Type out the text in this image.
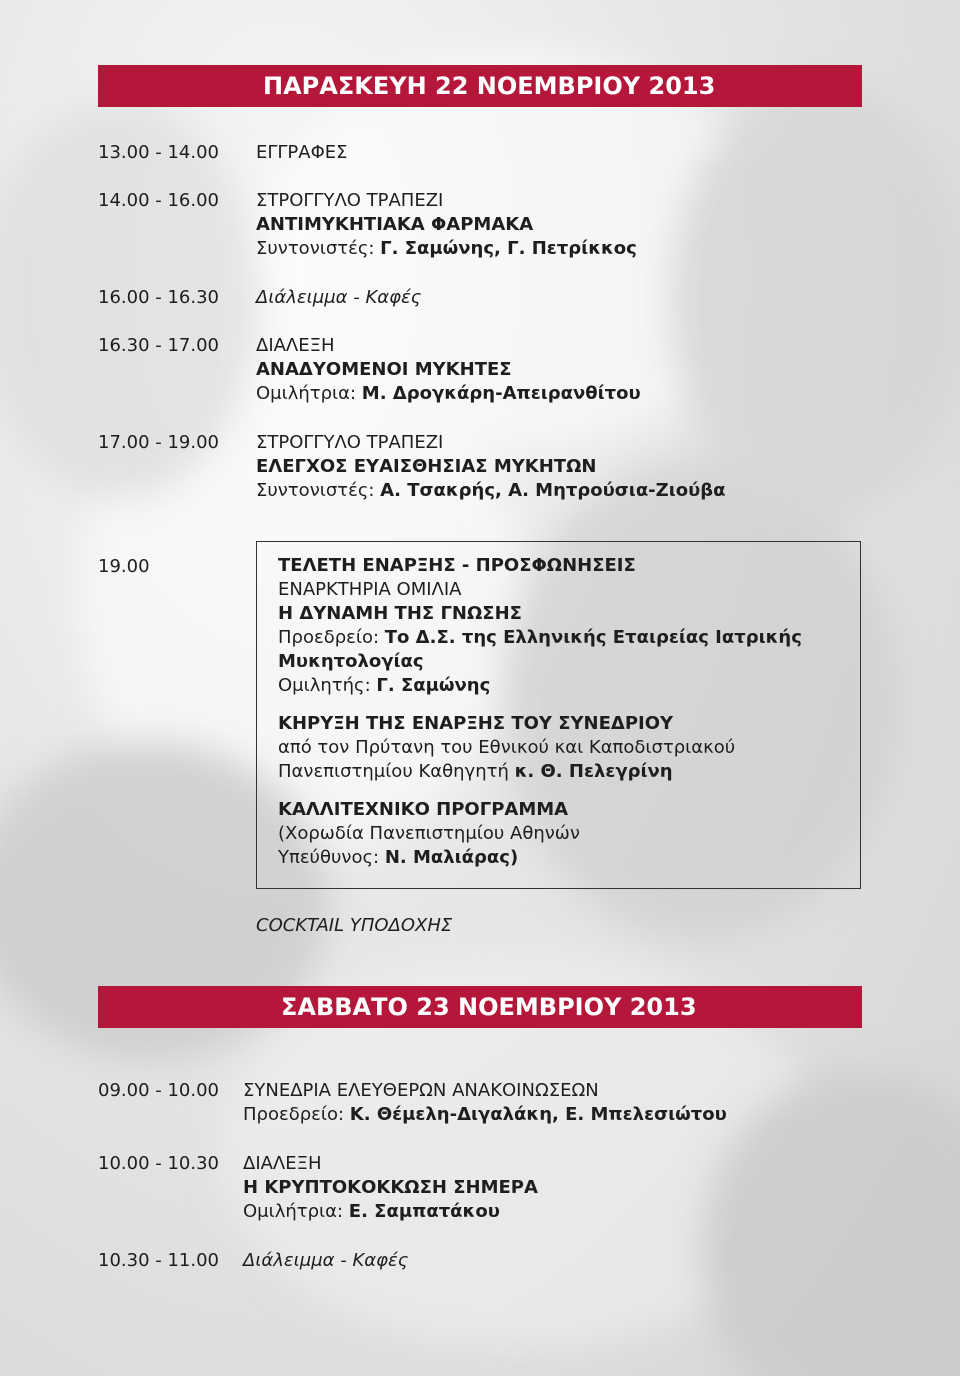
ΠΑΡΑΣΚΕΥΗ 22 ΝΟΕΜΒΡΙΟΥ 2013
13.00 - 14.00 ΕΓΓΡΑΦΕΣ
14.00 - 16.00 ΣΤΡΟΓΓΥΛΟ ΤΡΑΠΕΖΙ
ΑΝΤΙΜΥΚΗΤΙΑΚΑ ΦΑΡΜΑΚΑ
Συντονιστές: Γ. Σαμώνης, Γ. Πετρίκκος
16.00 - 16.30 Διάλειμμα - Καφές
16.30 - 17.00 ΔΙΑΛΕΞΗ
ΑΝΑΔΥΟΜΕΝΟΙ ΜΥΚΗΤΕΣ
Ομιλήτρια: Μ. Δρογκάρη-Απειρανθίτου
17.00 - 19.00 ΣΤΡΟΓΓΥΛΟ ΤΡΑΠΕΖΙ
ΕΛΕΓΧΟΣ ΕΥΑΙΣΘΗΣΙΑΣ ΜΥΚΗΤΩΝ
Συντονιστές: Α. Τσακρής, Α. Μητρούσια-Ζιούβα
19.00	ΤΕΛΕΤΗ ΕΝΑΡΞΗΣ - ΠΡΟΣΦΩΝΗΣΕΙΣ
ΕΝΑΡΚΤΗΡΙΑ ΟΜΙΛΙΑ
Η ΔΥΝΑΜΗ ΤΗΣ ΓΝΩΣΗΣ
Προεδρείο: Το Δ.Σ. της Ελληνικής Εταιρείας Ιατρικής
Μυκητολογίας
Ομιλητής: Γ. Σαμώνης
ΚΗΡΥΞΗ ΤΗΣ ΕΝΑΡΞΗΣ ΤΟΥ ΣΥΝΕΔΡΙΟΥ
από τον Πρύτανη του Εθνικού και Καποδιστριακού
Πανεπιστημίου Καθηγητή κ. Θ. Πελεγρίνη
ΚΑΛΛΙΤΕΧΝΙΚΟ ΠΡΟΓΡΑΜΜΑ
(Χορωδία Πανεπιστημίου Αθηνών
Υπεύθυνος: Ν. Μαλιάρας)
COCKTAIL ΥΠΟΔΟΧΗΣ
ΣΑΒΒΑΤΟ 23 ΝΟΕΜΒΡΙΟΥ 2013
09.00 - 10.00 ΣΥΝΕΔΡΙΑ ΕΛΕΥΘΕΡΩΝ ΑΝΑΚΟΙΝΩΣΕΩΝ
Προεδρείο: Κ. Θέμελη-Διγαλάκη, Ε. Μπελεσιώτου
10.00 - 10.30 ΔΙΑΛΕΞΗ
Η ΚΡΥΠΤΟΚΟΚΚΩΣΗ ΣΗΜΕΡΑ
Ομιλήτρια: Ε. Σαμπατάκου
10.30 - 11.00 Διάλειμμα - Καφές
